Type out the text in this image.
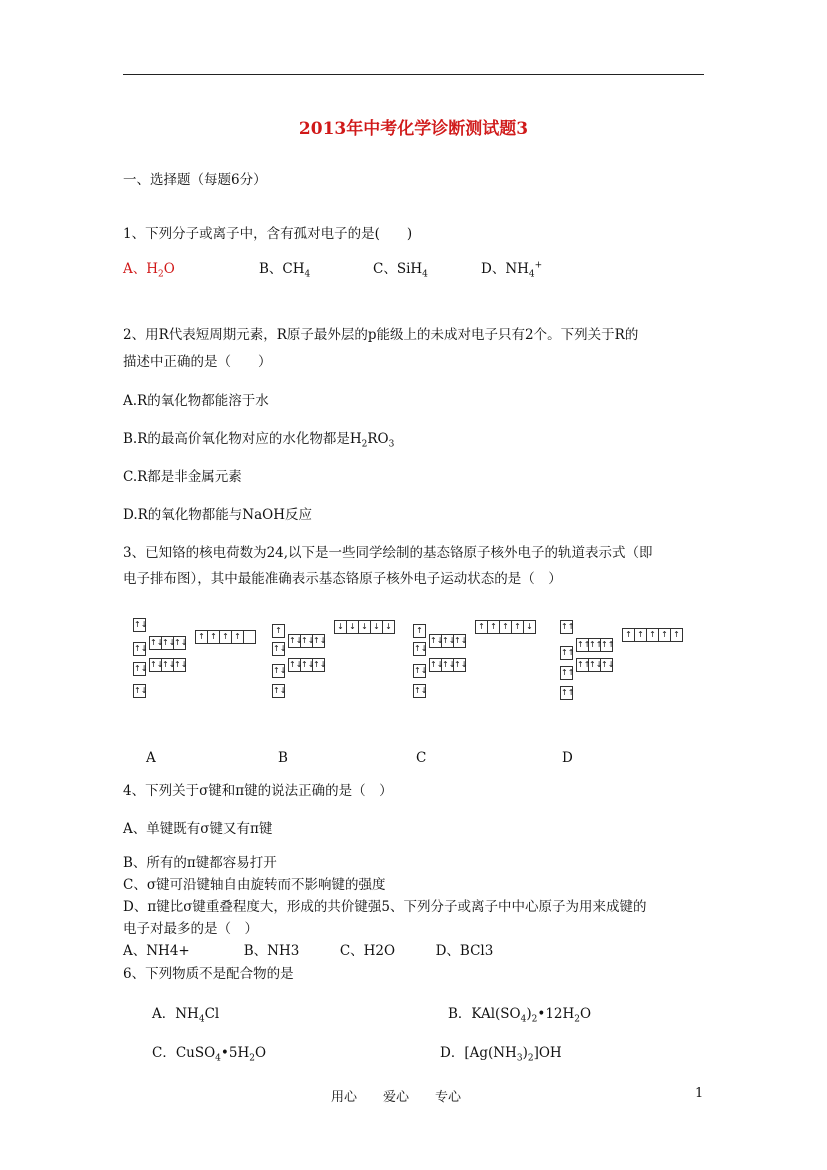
2013年中考化学诊断测试题3
一、选择题（每题6分）
1、下列分子或离子中，含有孤对电子的是(　　)
A、$H_2O$	B、$CH_4$	C、SiH$_4$	D、$NH_4^+$
2、用R代表短周期元素，R原子最外层的p能级上的未成对电子只有2个。下列关于R的
描述中正确的是（　　）
A.R的氧化物都能溶于水
B.R的最高价氧化物对应的水化物都是$H_2RO_3$
C.R都是非金属元素
D.R的氧化物都能与NaOH反应
3、已知铬的核电荷数为24,以下是一些同学绘制的基态铬原子核外电子的轨道表示式（即
电子排布图），其中最能准确表示基态铬原子核外电子运动状态的是（　）
↑↓
↑↓
↑↓
↑↓
↑↓
↑↓ ↑↓
↑↓
↑↓
↑↓
↑ ↑ ↑ ↑
↑
↑↓
↑↓
↑↓
↑↓
↑↓
↑↓
↑↓
↑↓
↑↓
↓ ↓ ↓ ↓ ↓	↑
↑↓
↑↓
↑↓
↑↓
↑↓
↑↓
↑↓
↑↓
↑↓
↑ ↑ ↑ ↑ ↓	↑↑
↑↑
↑↑
↑↑
↑↑
↑↑
↑↑
↑↓
↑↓
↑↑
↑ ↑ ↑ ↑ ↑
A	B	C	D
4、下列关于σ键和π键的说法正确的是（　）
A、单键既有σ键又有π键
B、所有的π键都容易打开
C、σ键可沿键轴自由旋转而不影响键的强度
D、π键比σ键重叠程度大，形成的共价键强5、下列分子或离子中中心原子为用来成键的
电子对最多的是（　）
A、NH4+　　　　B、NH3　　　C、H2O　　　D、BCl3
6、下列物质不是配合物的是
A．$NH_4Cl$	B．$KAl(SO_4)_2•12H_2O$
C．$CuSO_4•5H_2O$	D．$[Ag(NH_3)_2]OH$
用心　　爱心　　专心	1
